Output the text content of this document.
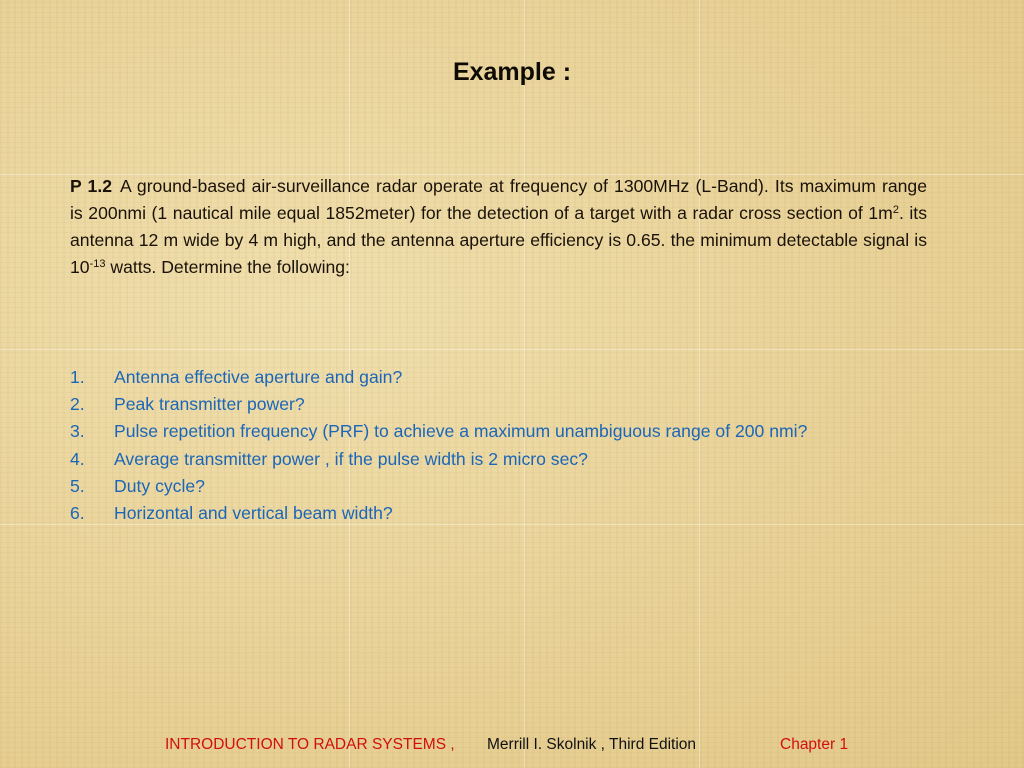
Example :

P 1.2 A ground-based air-surveillance radar operate at frequency of 1300MHz (L-Band). Its maximum range is 200nmi (1 nautical mile equal 1852meter) for the detection of a target with a radar cross section of $1m^2$. its antenna 12 m wide by 4 m high, and the antenna aperture efficiency is 0.65. the minimum detectable signal is $10^{-13}$ watts. Determine the following:

1. Antenna effective aperture and gain?
2. Peak transmitter power?
3. Pulse repetition frequency (PRF) to achieve a maximum unambiguous range of 200 nmi?
4. Average transmitter power , if the pulse width is 2 micro sec?
5. Duty cycle?
6. Horizontal and vertical beam width?
INTRODUCTION TO RADAR SYSTEMS , Merrill I. Skolnik , Third Edition	Chapter 1
